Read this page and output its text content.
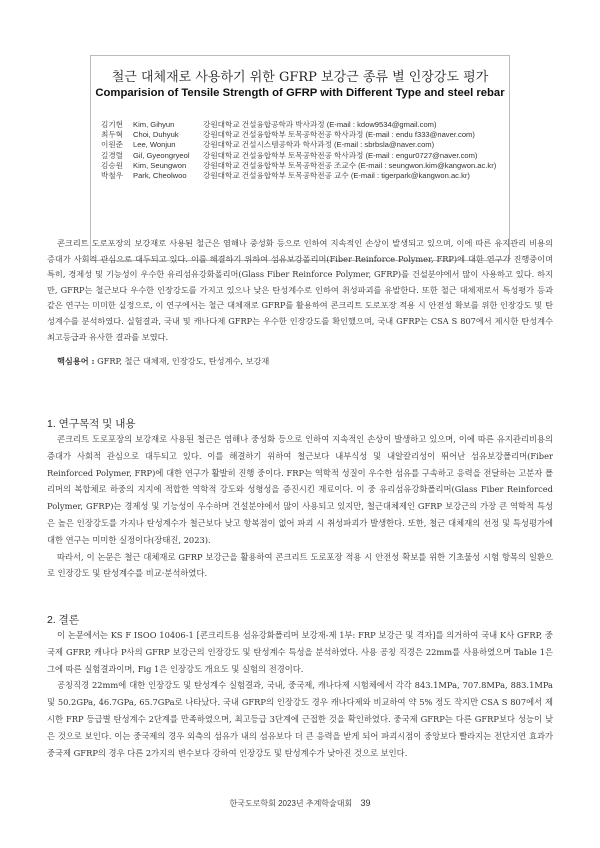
철근 대체재로 사용하기 위한 GFRP 보강근 종류 별 인장강도 평가
Comparision of Tensile Strength of GFRP with Different Type and steel rebar
김기현	Kim, Gihyun	강원대학교 건설융합공학과 박사과정 (E-mail : kdow9534@gmail.com)
최두혁	Choi, Duhyuk	강원대학교 건설융합학부 토목공학전공 학사과정 (E-mail : endu f333@naver.com)
이원준	Lee, Wonjun	강원대학교 건설시스템공학과 학사과정 (E-mail : sbrbsla@naver.com)
길경렬	Gil, Gyeongryeol	강원대학교 건설융합학부 토목공학전공 학사과정 (E-mail : engur0727@naver.com)
김승원	Kim, Seungwon	강원대학교 건설융합학부 토목공학전공 조교수 (E-mail : seungwon.kim@kangwon.ac.kr)
박철우	Park, Cheolwoo	강원대학교 건설융합학부 토목공학전공 교수 (E-mail : tigerpark@kangwon.ac.kr)
콘크리트 도로포장의 보강재로 사용된 철근은 염해나 중성화 등으로 인하여 지속적인 손상이 발생되고 있으며, 이에 따른 유지관리 비용의 증대가 사회적 관심으로 대두되고 있다. 이를 해결하기 위하여 섬유보강폴리머(Fiber Reinforce Polymer, FRP)에 대한 연구가 진행중이며 특히, 경제성 및 기능성이 우수한 유리섬유강화폴리머(Glass Fiber Reinforce Polymer, GFRP)를 건설분야에서 많이 사용하고 있다. 하지만, GFRP는 철근보다 우수한 인장강도를 가지고 있으나 낮은 탄성계수로 인하여 취성파괴를 유발한다. 또한 철근 대체재로서 특성평가 등과 같은 연구는 미미한 실정으로, 이 연구에서는 철근 대체재로 GFRP를 활용하여 콘크리트 도로포장 적용 시 안전성 확보를 위한 인장강도 및 탄성계수를 분석하였다. 실험결과, 국내 및 캐나다제 GFRP는 우수한 인장강도를 확인했으며, 국내 GFRP는 CSA S 807에서 제시한 탄성계수 최고등급과 유사한 결과를 보였다.
핵심용어 : GFRP, 철근 대체재, 인장강도, 탄성계수, 보강재
1. 연구목적 및 내용

콘크리트 도로포장의 보강재로 사용된 철근은 염해나 중성화 등으로 인하여 지속적인 손상이 발생하고 있으며, 이에 따른 유지관리비용의 증대가 사회적 관심으로 대두되고 있다. 이를 해결하기 위하여 철근보다 내부식성 및 내알칼리성이 뛰어난 섬유보강폴리머(Fiber Reinforced Polymer, FRP)에 대한 연구가 활발히 진행 중이다. FRP는 역학적 성질이 우수한 섬유를 구속하고 응력을 전달하는 고분자 폴리머의 복합체로 하중의 지지에 적합한 역학적 강도와 성형성을 증진시킨 재료이다. 이 중 유리섬유강화폴리머(Glass Fiber Reinforced Polymer, GFRP)는 경제성 및 기능성이 우수하며 건설분야에서 많이 사용되고 있지만, 철근대체제인 GFRP 보강근의 가장 큰 역학적 특성은 높은 인장강도를 가지나 탄성계수가 철근보다 낮고 항복점이 없어 파괴 시 취성파괴가 발생한다. 또한, 철근 대체재의 선정 및 특성평가에 대한 연구는 미미한 실정이다(장태진, 2023).

따라서, 이 논문은 철근 대체재로 GFRP 보강근을 활용하여 콘크리트 도로포장 적용 시 안전성 확보를 위한 기초물성 시험 항목의 일환으로 인장강도 및 탄성계수를 비교·분석하였다.

2. 결론

이 논문에서는 KS F ISOO 10406-1 [콘크리트용 섬유강화폴리머 보강재-제 1부: FRP 보강근 및 격자]를 의거하여 국내 K사 GFRP, 중국제 GFRP, 캐나다 P사의 GFRP 보강근의 인장강도 및 탄성계수 특성을 분석하였다. 사용 공칭 직경은 22mm를 사용하였으며 Table 1은 그에 따른 실험결과이며, Fig 1은 인장강도 개요도 및 실험의 전경이다.

공칭직경 22mm에 대한 인장강도 및 탄성계수 실험결과, 국내, 중국제, 캐나다제 시험체에서 각각 843.1MPa, 707.8MPa, 883.1MPa 및 50.2GPa, 46.7GPa, 65.7GPa로 나타났다. 국내 GFRP의 인장강도 경우 캐나다제와 비교하여 약 5% 정도 작지만 CSA S 807에서 제시한 FRP 등급별 탄성계수 2단계를 만족하였으며, 최고등급 3단계에 근접한 것을 확인하였다. 중국제 GFRP는 다른 GFRP보다 성능이 낮은 것으로 보인다. 이는 중국제의 경우 외측의 섬유가 내의 섬유보다 더 큰 응력을 받게 되어 파괴시점이 중앙보다 빨라지는 전단지연 효과가 중국제 GFRP의 경우 다른 2가지의 변수보다 강하여 인장강도 및 탄성계수가 낮아진 것으로 보인다.

한국도로학회 2023년 추계학술대회 39
